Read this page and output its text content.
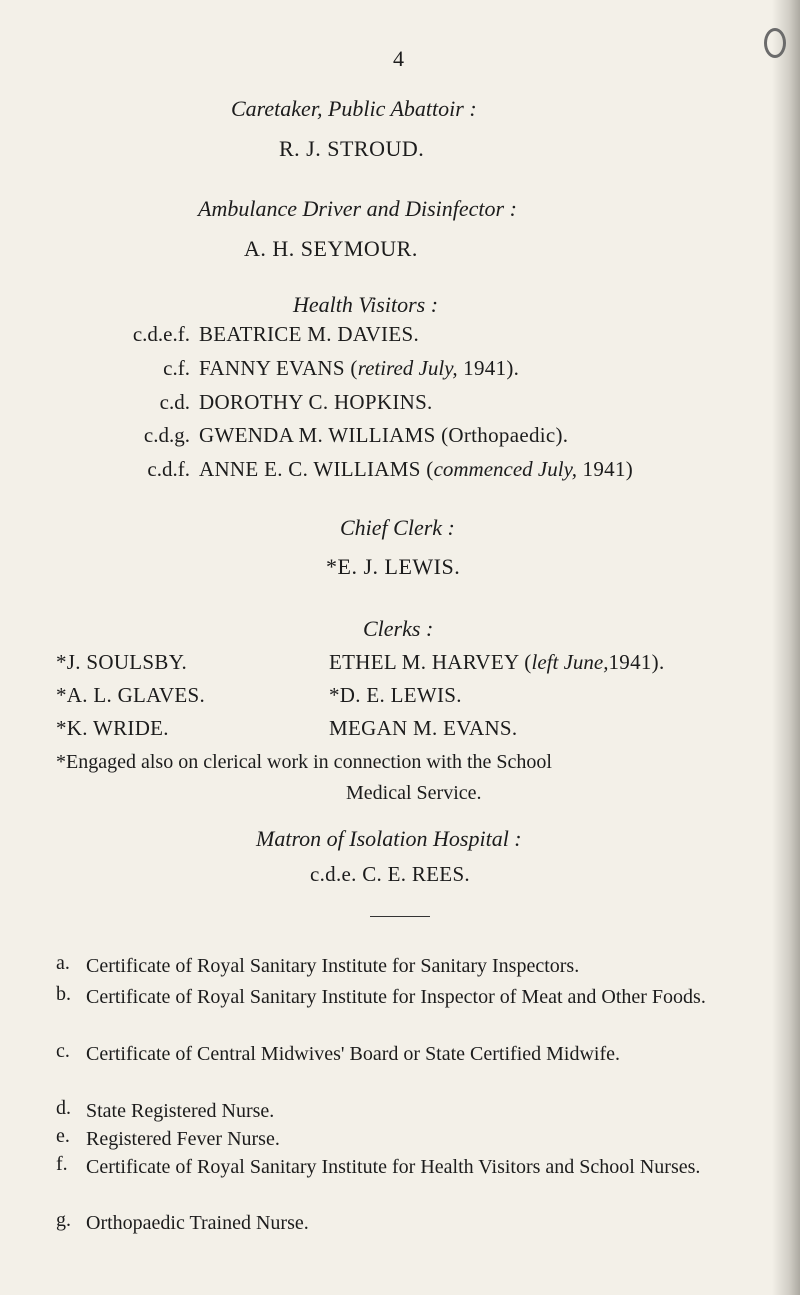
4
Caretaker, Public Abattoir :
R. J. STROUD.
Ambulance Driver and Disinfector :
A. H. SEYMOUR.
Health Visitors :
c.d.e.f. BEATRICE M. DAVIES.
c.f. FANNY EVANS (retired July, 1941).
c.d. DOROTHY C. HOPKINS.
c.d.g. GWENDA M. WILLIAMS (Orthopaedic).
c.d.f. ANNE E. C. WILLIAMS (commenced July, 1941)
Chief Clerk :
*E. J. LEWIS.
Clerks :
*J. SOULSBY.
*A. L. GLAVES.
*K. WRIDE.
ETHEL M. HARVEY (left June,1941).
*D. E. LEWIS.
MEGAN M. EVANS.
*Engaged also on clerical work in connection with the School
Medical Service.
Matron of Isolation Hospital :
c.d.e. C. E. REES.
a. Certificate of Royal Sanitary Institute for Sanitary Inspectors.
b. Certificate of Royal Sanitary Institute for Inspector of Meat and Other Foods.
c. Certificate of Central Midwives' Board or State Certified Midwife.
d. State Registered Nurse.
e. Registered Fever Nurse.
f. Certificate of Royal Sanitary Institute for Health Visitors and School Nurses.
g. Orthopaedic Trained Nurse.
